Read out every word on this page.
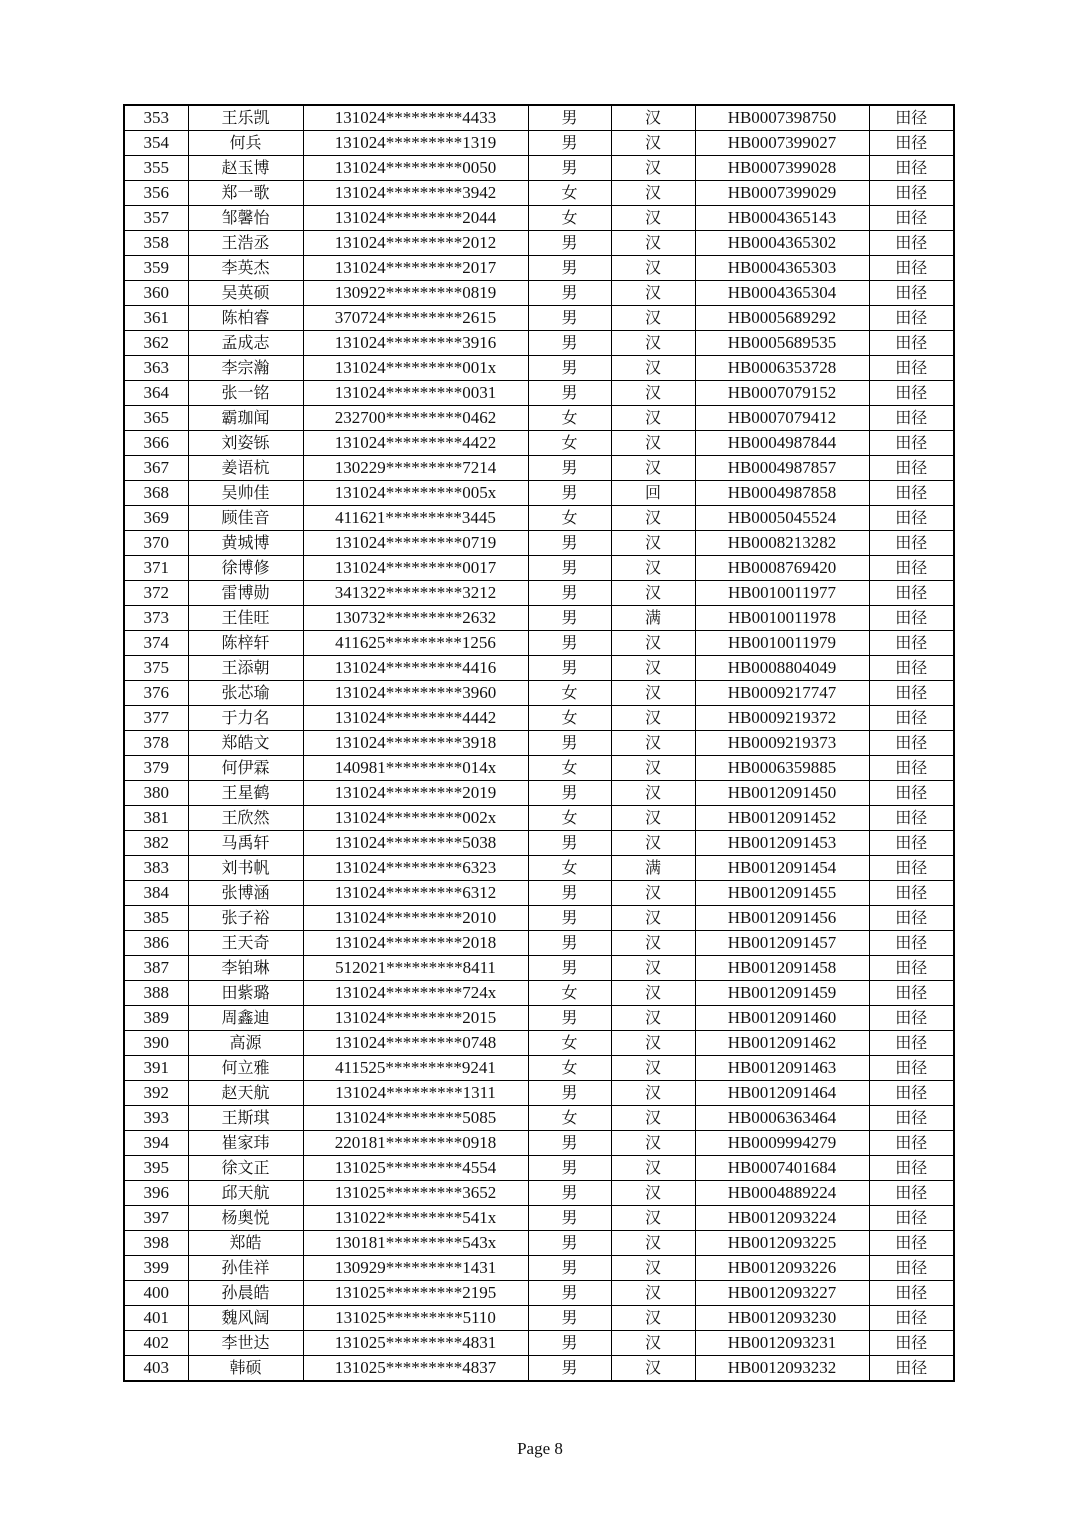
353	王乐凯	131024*********4433	男	汉	HB0007398750	田径
354	何兵	131024*********1319	男	汉	HB0007399027	田径
355	赵玉博	131024*********0050	男	汉	HB0007399028	田径
356	郑一歌	131024*********3942	女	汉	HB0007399029	田径
357	邹馨怡	131024*********2044	女	汉	HB0004365143	田径
358	王浩丞	131024*********2012	男	汉	HB0004365302	田径
359	李英杰	131024*********2017	男	汉	HB0004365303	田径
360	吴英硕	130922*********0819	男	汉	HB0004365304	田径
361	陈柏睿	370724*********2615	男	汉	HB0005689292	田径
362	孟成志	131024*********3916	男	汉	HB0005689535	田径
363	李宗瀚	131024*********001x	男	汉	HB0006353728	田径
364	张一铭	131024*********0031	男	汉	HB0007079152	田径
365	霸珈闻	232700*********0462	女	汉	HB0007079412	田径
366	刘姿铄	131024*********4422	女	汉	HB0004987844	田径
367	姜语杭	130229*********7214	男	汉	HB0004987857	田径
368	吴帅佳	131024*********005x	男	回	HB0004987858	田径
369	顾佳音	411621*********3445	女	汉	HB0005045524	田径
370	黄城博	131024*********0719	男	汉	HB0008213282	田径
371	徐博修	131024*********0017	男	汉	HB0008769420	田径
372	雷博勋	341322*********3212	男	汉	HB0010011977	田径
373	王佳旺	130732*********2632	男	满	HB0010011978	田径
374	陈梓轩	411625*********1256	男	汉	HB0010011979	田径
375	王添朝	131024*********4416	男	汉	HB0008804049	田径
376	张芯瑜	131024*********3960	女	汉	HB0009217747	田径
377	于力名	131024*********4442	女	汉	HB0009219372	田径
378	郑皓文	131024*********3918	男	汉	HB0009219373	田径
379	何伊霖	140981*********014x	女	汉	HB0006359885	田径
380	王星鹤	131024*********2019	男	汉	HB0012091450	田径
381	王欣然	131024*********002x	女	汉	HB0012091452	田径
382	马禹轩	131024*********5038	男	汉	HB0012091453	田径
383	刘书帆	131024*********6323	女	满	HB0012091454	田径
384	张博涵	131024*********6312	男	汉	HB0012091455	田径
385	张子裕	131024*********2010	男	汉	HB0012091456	田径
386	王天奇	131024*********2018	男	汉	HB0012091457	田径
387	李铂琳	512021*********8411	男	汉	HB0012091458	田径
388	田紫璐	131024*********724x	女	汉	HB0012091459	田径
389	周鑫迪	131024*********2015	男	汉	HB0012091460	田径
390	高源	131024*********0748	女	汉	HB0012091462	田径
391	何立雅	411525*********9241	女	汉	HB0012091463	田径
392	赵天航	131024*********1311	男	汉	HB0012091464	田径
393	王斯琪	131024*********5085	女	汉	HB0006363464	田径
394	崔家玮	220181*********0918	男	汉	HB0009994279	田径
395	徐文正	131025*********4554	男	汉	HB0007401684	田径
396	邱天航	131025*********3652	男	汉	HB0004889224	田径
397	杨奥悦	131022*********541x	男	汉	HB0012093224	田径
398	郑皓	130181*********543x	男	汉	HB0012093225	田径
399	孙佳祥	130929*********1431	男	汉	HB0012093226	田径
400	孙晨皓	131025*********2195	男	汉	HB0012093227	田径
401	魏风阔	131025*********5110	男	汉	HB0012093230	田径
402	李世达	131025*********4831	男	汉	HB0012093231	田径
403	韩硕	131025*********4837	男	汉	HB0012093232	田径
Page 8
